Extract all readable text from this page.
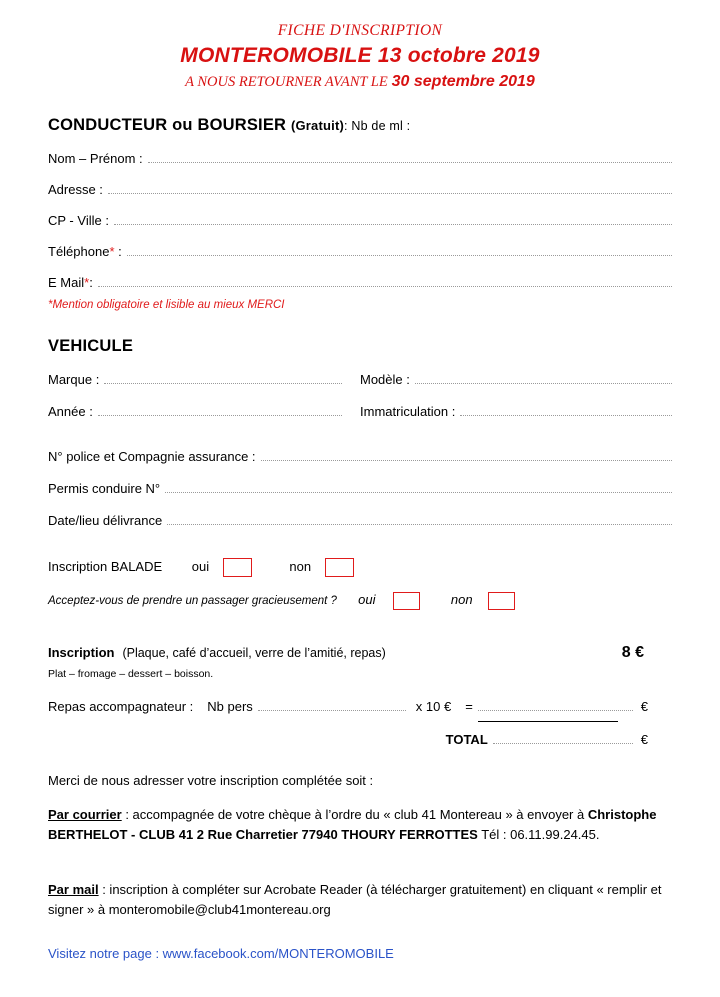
FICHE D'INSCRIPTION
MONTEROMOBILE 13 octobre 2019
A NOUS RETOURNER AVANT LE 30 septembre 2019
CONDUCTEUR ou BOURSIER (Gratuit): Nb de ml :
Nom – Prénom :
Adresse :
CP - Ville :
Téléphone* :
E Mail*:
*Mention obligatoire et lisible au mieux MERCI
VEHICULE
Marque :	Modèle :
Année :	Immatriculation :
N° police et Compagnie assurance :
Permis conduire N°
Date/lieu délivrance
Inscription BALADE oui	non
Acceptez-vous de prendre un passager gracieusement ? oui	non
Inscription (Plaque, café d’accueil, verre de l’amitié, repas)	8 €
Plat – fromage – dessert – boisson.
Repas accompagnateur : Nb pers	x 10 € =	€
TOTAL	€
Merci de nous adresser votre inscription complétée soit :
Par courrier : accompagnée de votre chèque à l’ordre du « club 41 Montereau » à envoyer à Christophe BERTHELOT - CLUB 41 2 Rue Charretier 77940 THOURY FERROTTES Tél : 06.11.99.24.45.
Par mail : inscription à compléter sur Acrobate Reader (à télécharger gratuitement) en cliquant « remplir et signer » à monteromobile@club41montereau.org
Visitez notre page : www.facebook.com/MONTEROMOBILE
